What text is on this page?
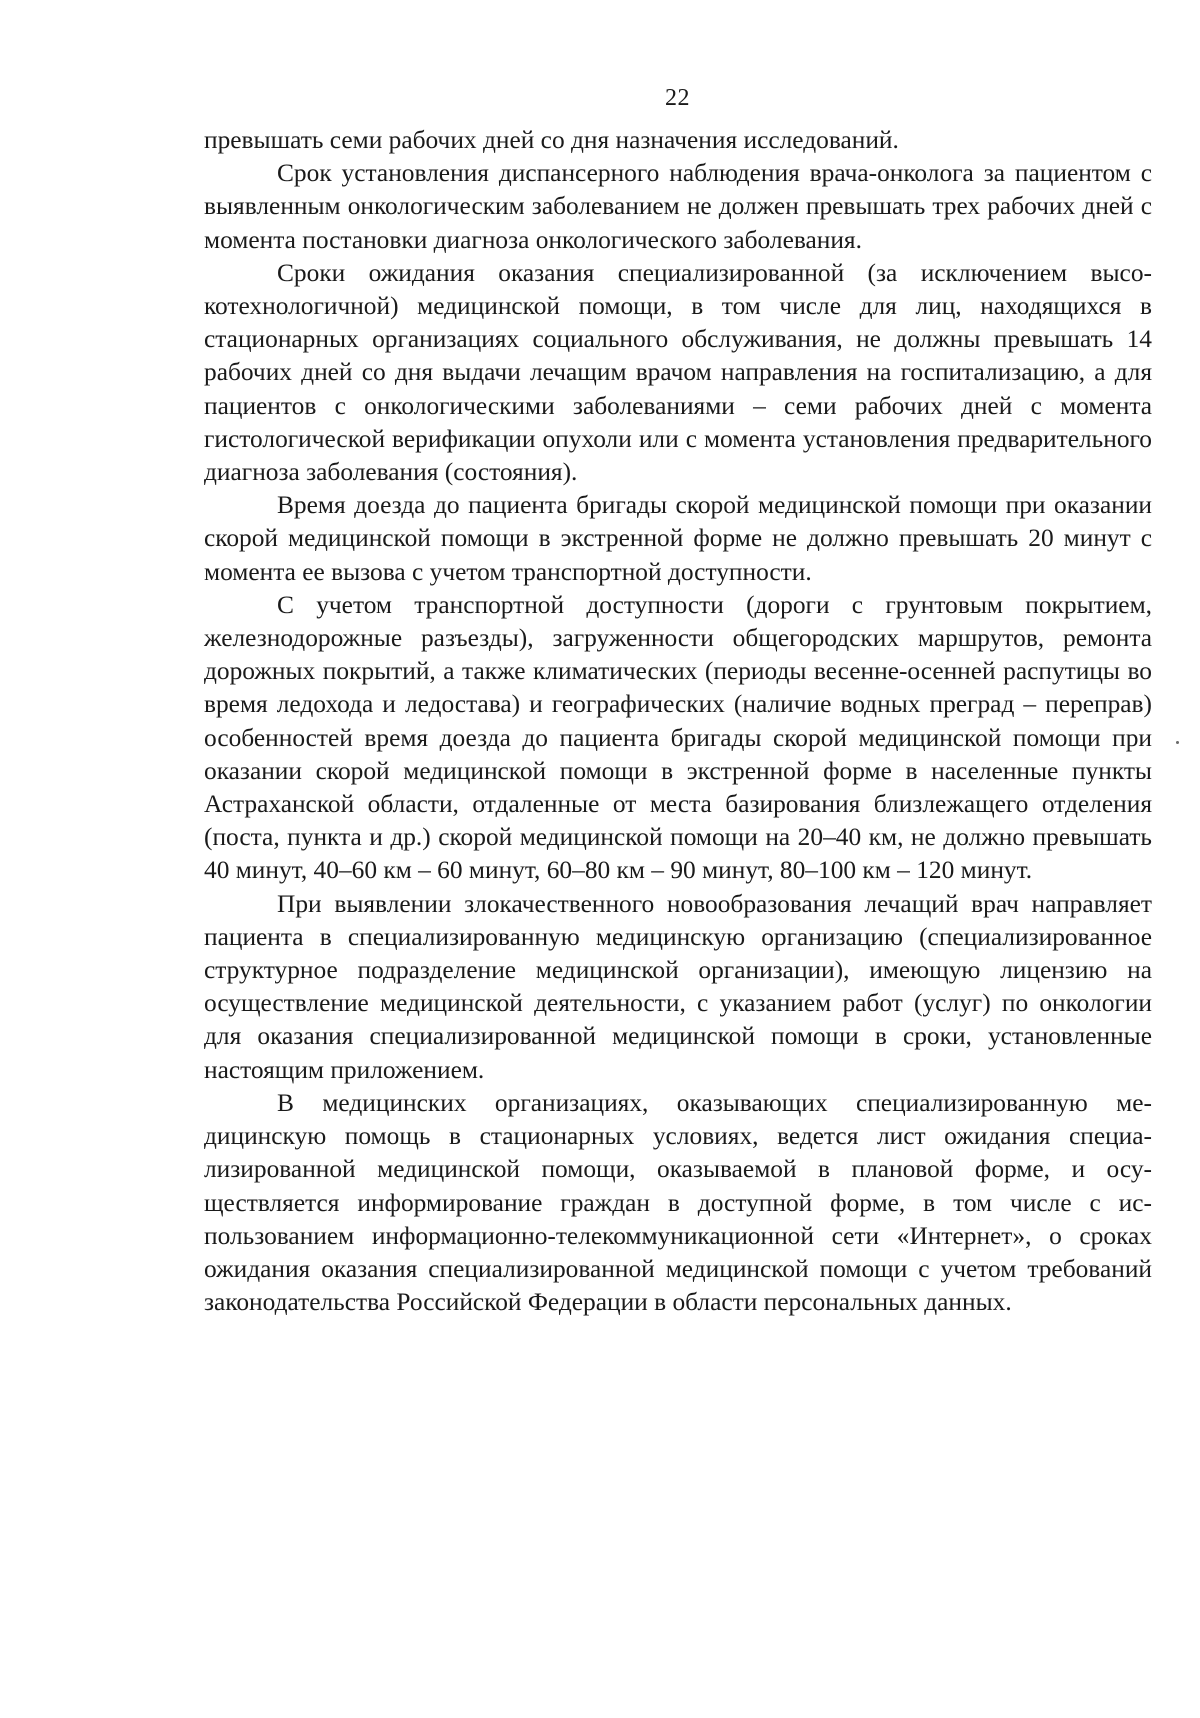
22

превышать семи рабочих дней со дня назначения исследований.

Срок установления диспансерного наблюдения врача-онколога за пациентом с выявленным онкологическим заболеванием не должен превышать трех рабочих дней с момента постановки диагноза онкологического заболевания.

Сроки ожидания оказания специализированной (за исключением высокотехнологичной) медицинской помощи, в том числе для лиц, находящихся в стационарных организациях социального обслуживания, не должны превышать 14 рабочих дней со дня выдачи лечащим врачом направления на госпитализацию, а для пациентов с онкологическими заболеваниями – семи рабочих дней с момента гистологической верификации опухоли или с момента установления предварительного диагноза заболевания (состояния).

Время доезда до пациента бригады скорой медицинской помощи при оказании скорой медицинской помощи в экстренной форме не должно превышать 20 минут с момента ее вызова с учетом транспортной доступности.

С учетом транспортной доступности (дороги с грунтовым покрытием, железнодорожные разъезды), загруженности общегородских маршрутов, ремонта дорожных покрытий, а также климатических (периоды весенне-осенней распутицы во время ледохода и ледостава) и географических (наличие водных преград – переправ) особенностей время доезда до пациента бригады скорой медицинской помощи при оказании скорой медицинской помощи в экстренной форме в населенные пункты Астраханской области, отдаленные от места базирования близлежащего отделения (поста, пункта и др.) скорой медицинской помощи на 20–40 км, не должно превышать 40 минут, 40–60 км – 60 минут, 60–80 км – 90 минут, 80–100 км – 120 минут.

При выявлении злокачественного новообразования лечащий врач направляет пациента в специализированную медицинскую организацию (специализированное структурное подразделение медицинской организации), имеющую лицензию на осуществление медицинской деятельности, с указанием работ (услуг) по онкологии для оказания специализированной медицинской помощи в сроки, установленные настоящим приложением.

В медицинских организациях, оказывающих специализированную медицинскую помощь в стационарных условиях, ведется лист ожидания специализированной медицинской помощи, оказываемой в плановой форме, и осуществляется информирование граждан в доступной форме, в том числе с использованием информационно-телекоммуникационной сети «Интернет», о сроках ожидания оказания специализированной медицинской помощи с учетом требований законодательства Российской Федерации в области персональных данных.
